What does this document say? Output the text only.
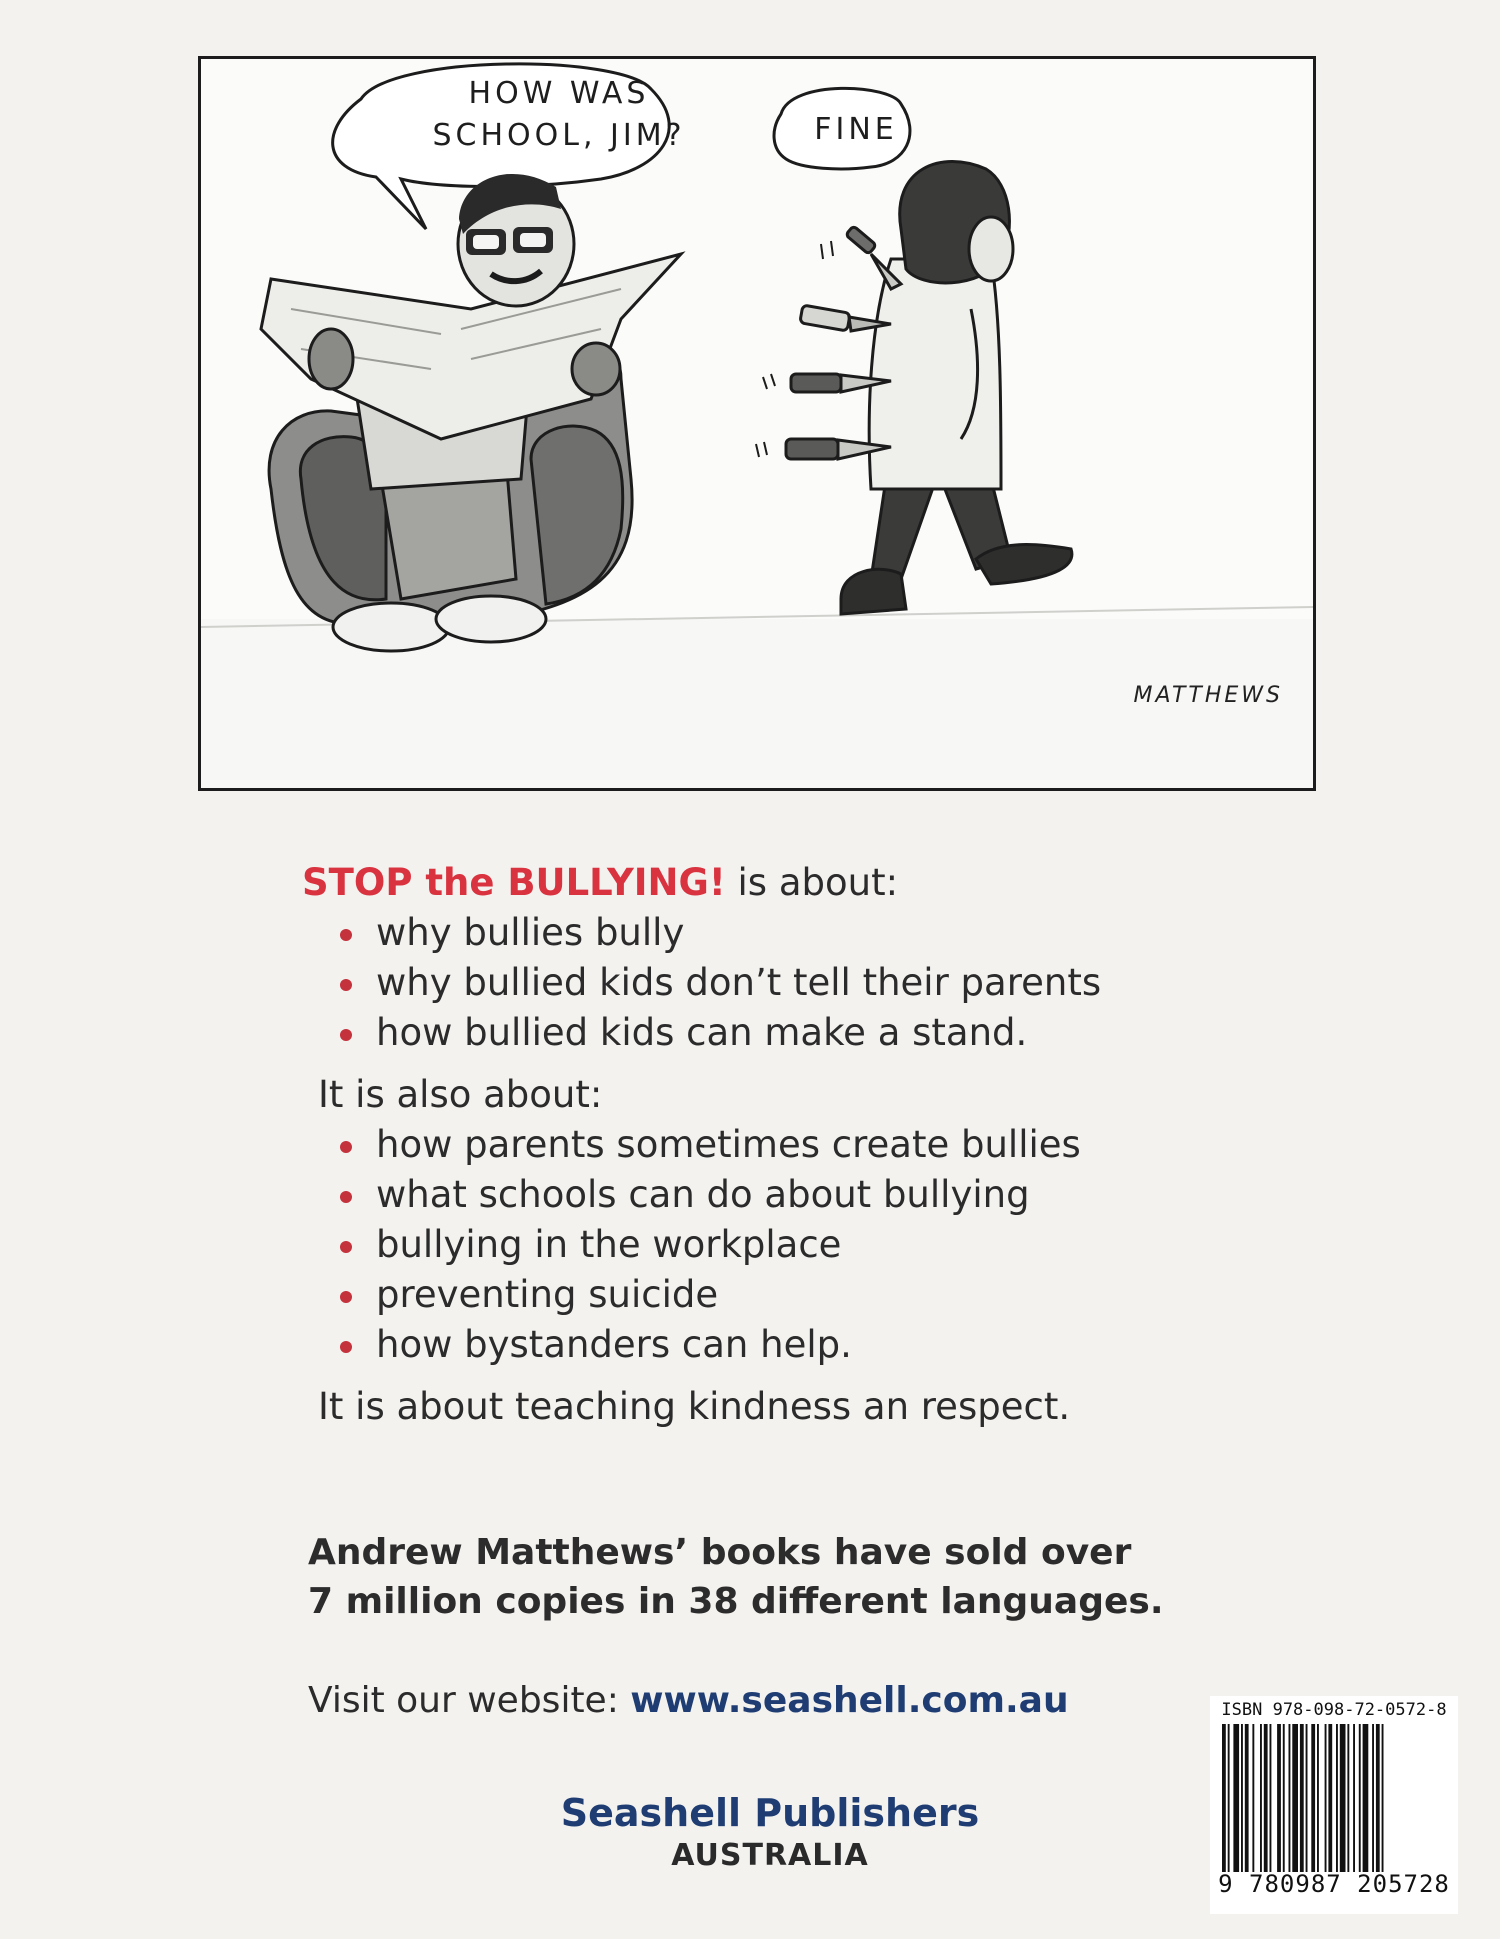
HOW WAS
SCHOOL, JIM?	FINE
MATTHEWS
STOP the BULLYING! is about:
why bullies bully
why bullied kids don’t tell their parents
how bullied kids can make a stand.
It is also about:
how parents sometimes create bullies
what schools can do about bullying
bullying in the workplace
preventing suicide
how bystanders can help.
It is about teaching kindness an respect.
Andrew Matthews’ books have sold over
7 million copies in 38 different languages.
Visit our website: www.seashell.com.au
Seashell Publishers
AUSTRALIA
ISBN 978-098-72-0572-8
9 780987 205728
